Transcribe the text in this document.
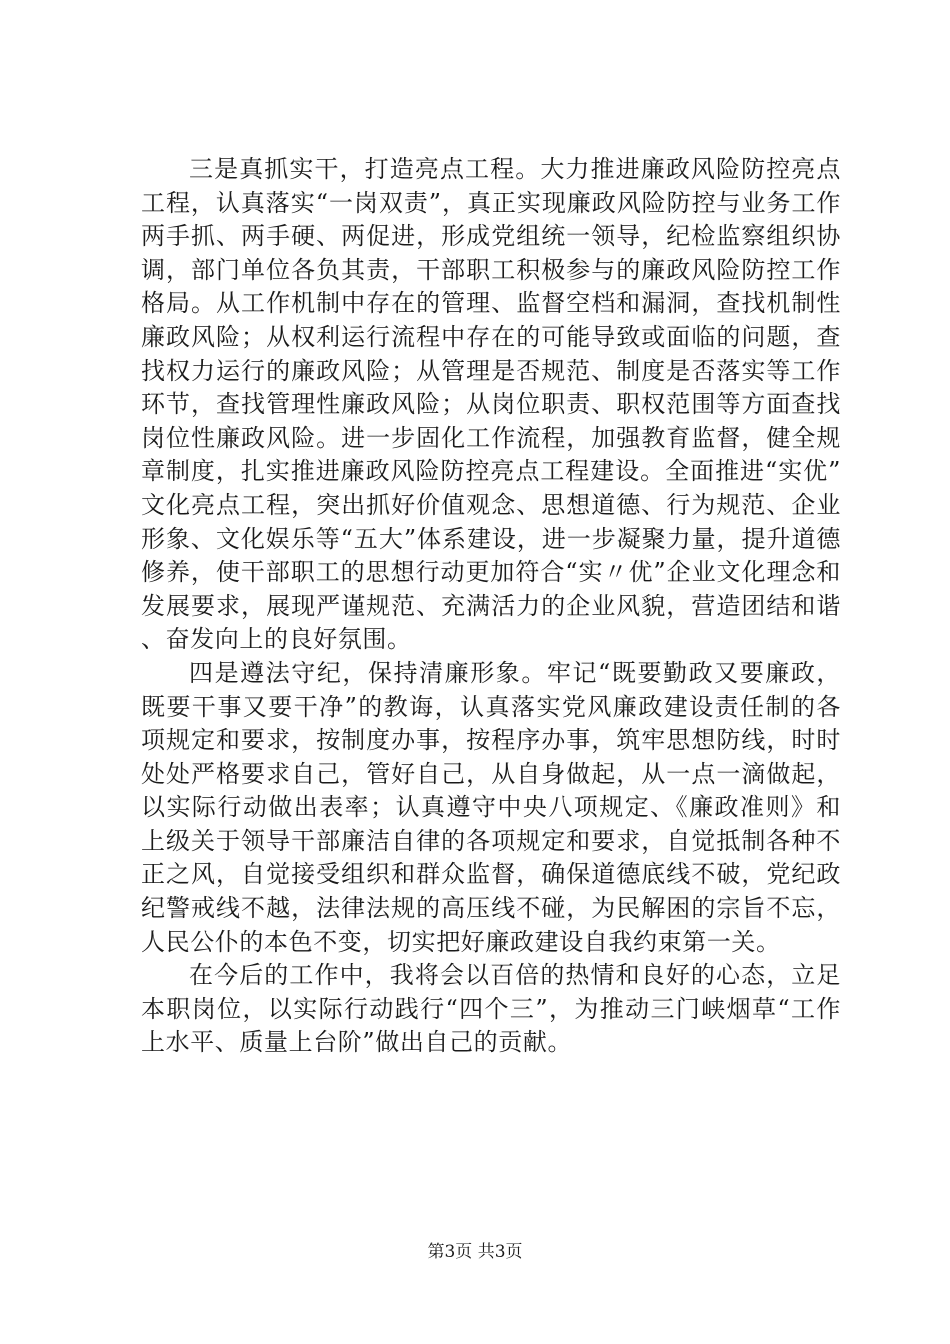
三是真抓实干，打造亮点工程。大力推进廉政风险防控亮点工程，认真落实“一岗双责”，真正实现廉政风险防控与业务工作两手抓、两手硬、两促进，形成党组统一领导，纪检监察组织协调，部门单位各负其责，干部职工积极参与的廉政风险防控工作格局。从工作机制中存在的管理、监督空档和漏洞，查找机制性廉政风险；从权利运行流程中存在的可能导致或面临的问题，查找权力运行的廉政风险；从管理是否规范、制度是否落实等工作环节，查找管理性廉政风险；从岗位职责、职权范围等方面查找岗位性廉政风险。进一步固化工作流程，加强教育监督，健全规章制度，扎实推进廉政风险防控亮点工程建设。全面推进“实优”文化亮点工程，突出抓好价值观念、思想道德、行为规范、企业形象、文化娱乐等“五大”体系建设，进一步凝聚力量，提升道德修养，使干部职工的思想行动更加符合“实〃优”企业文化理念和发展要求，展现严谨规范、充满活力的企业风貌，营造团结和谐、奋发向上的良好氛围。

四是遵法守纪，保持清廉形象。牢记“既要勤政又要廉政，既要干事又要干净”的教诲，认真落实党风廉政建设责任制的各项规定和要求，按制度办事，按程序办事，筑牢思想防线，时时处处严格要求自己，管好自己，从自身做起，从一点一滴做起，以实际行动做出表率；认真遵守中央八项规定、《廉政准则》和上级关于领导干部廉洁自律的各项规定和要求，自觉抵制各种不正之风，自觉接受组织和群众监督，确保道德底线不破，党纪政纪警戒线不越，法律法规的高压线不碰，为民解困的宗旨不忘，人民公仆的本色不变，切实把好廉政建设自我约束第一关。

在今后的工作中，我将会以百倍的热情和良好的心态，立足本职岗位，以实际行动践行“四个三”，为推动三门峡烟草“工作上水平、质量上台阶”做出自己的贡献。

第3页 共3页
